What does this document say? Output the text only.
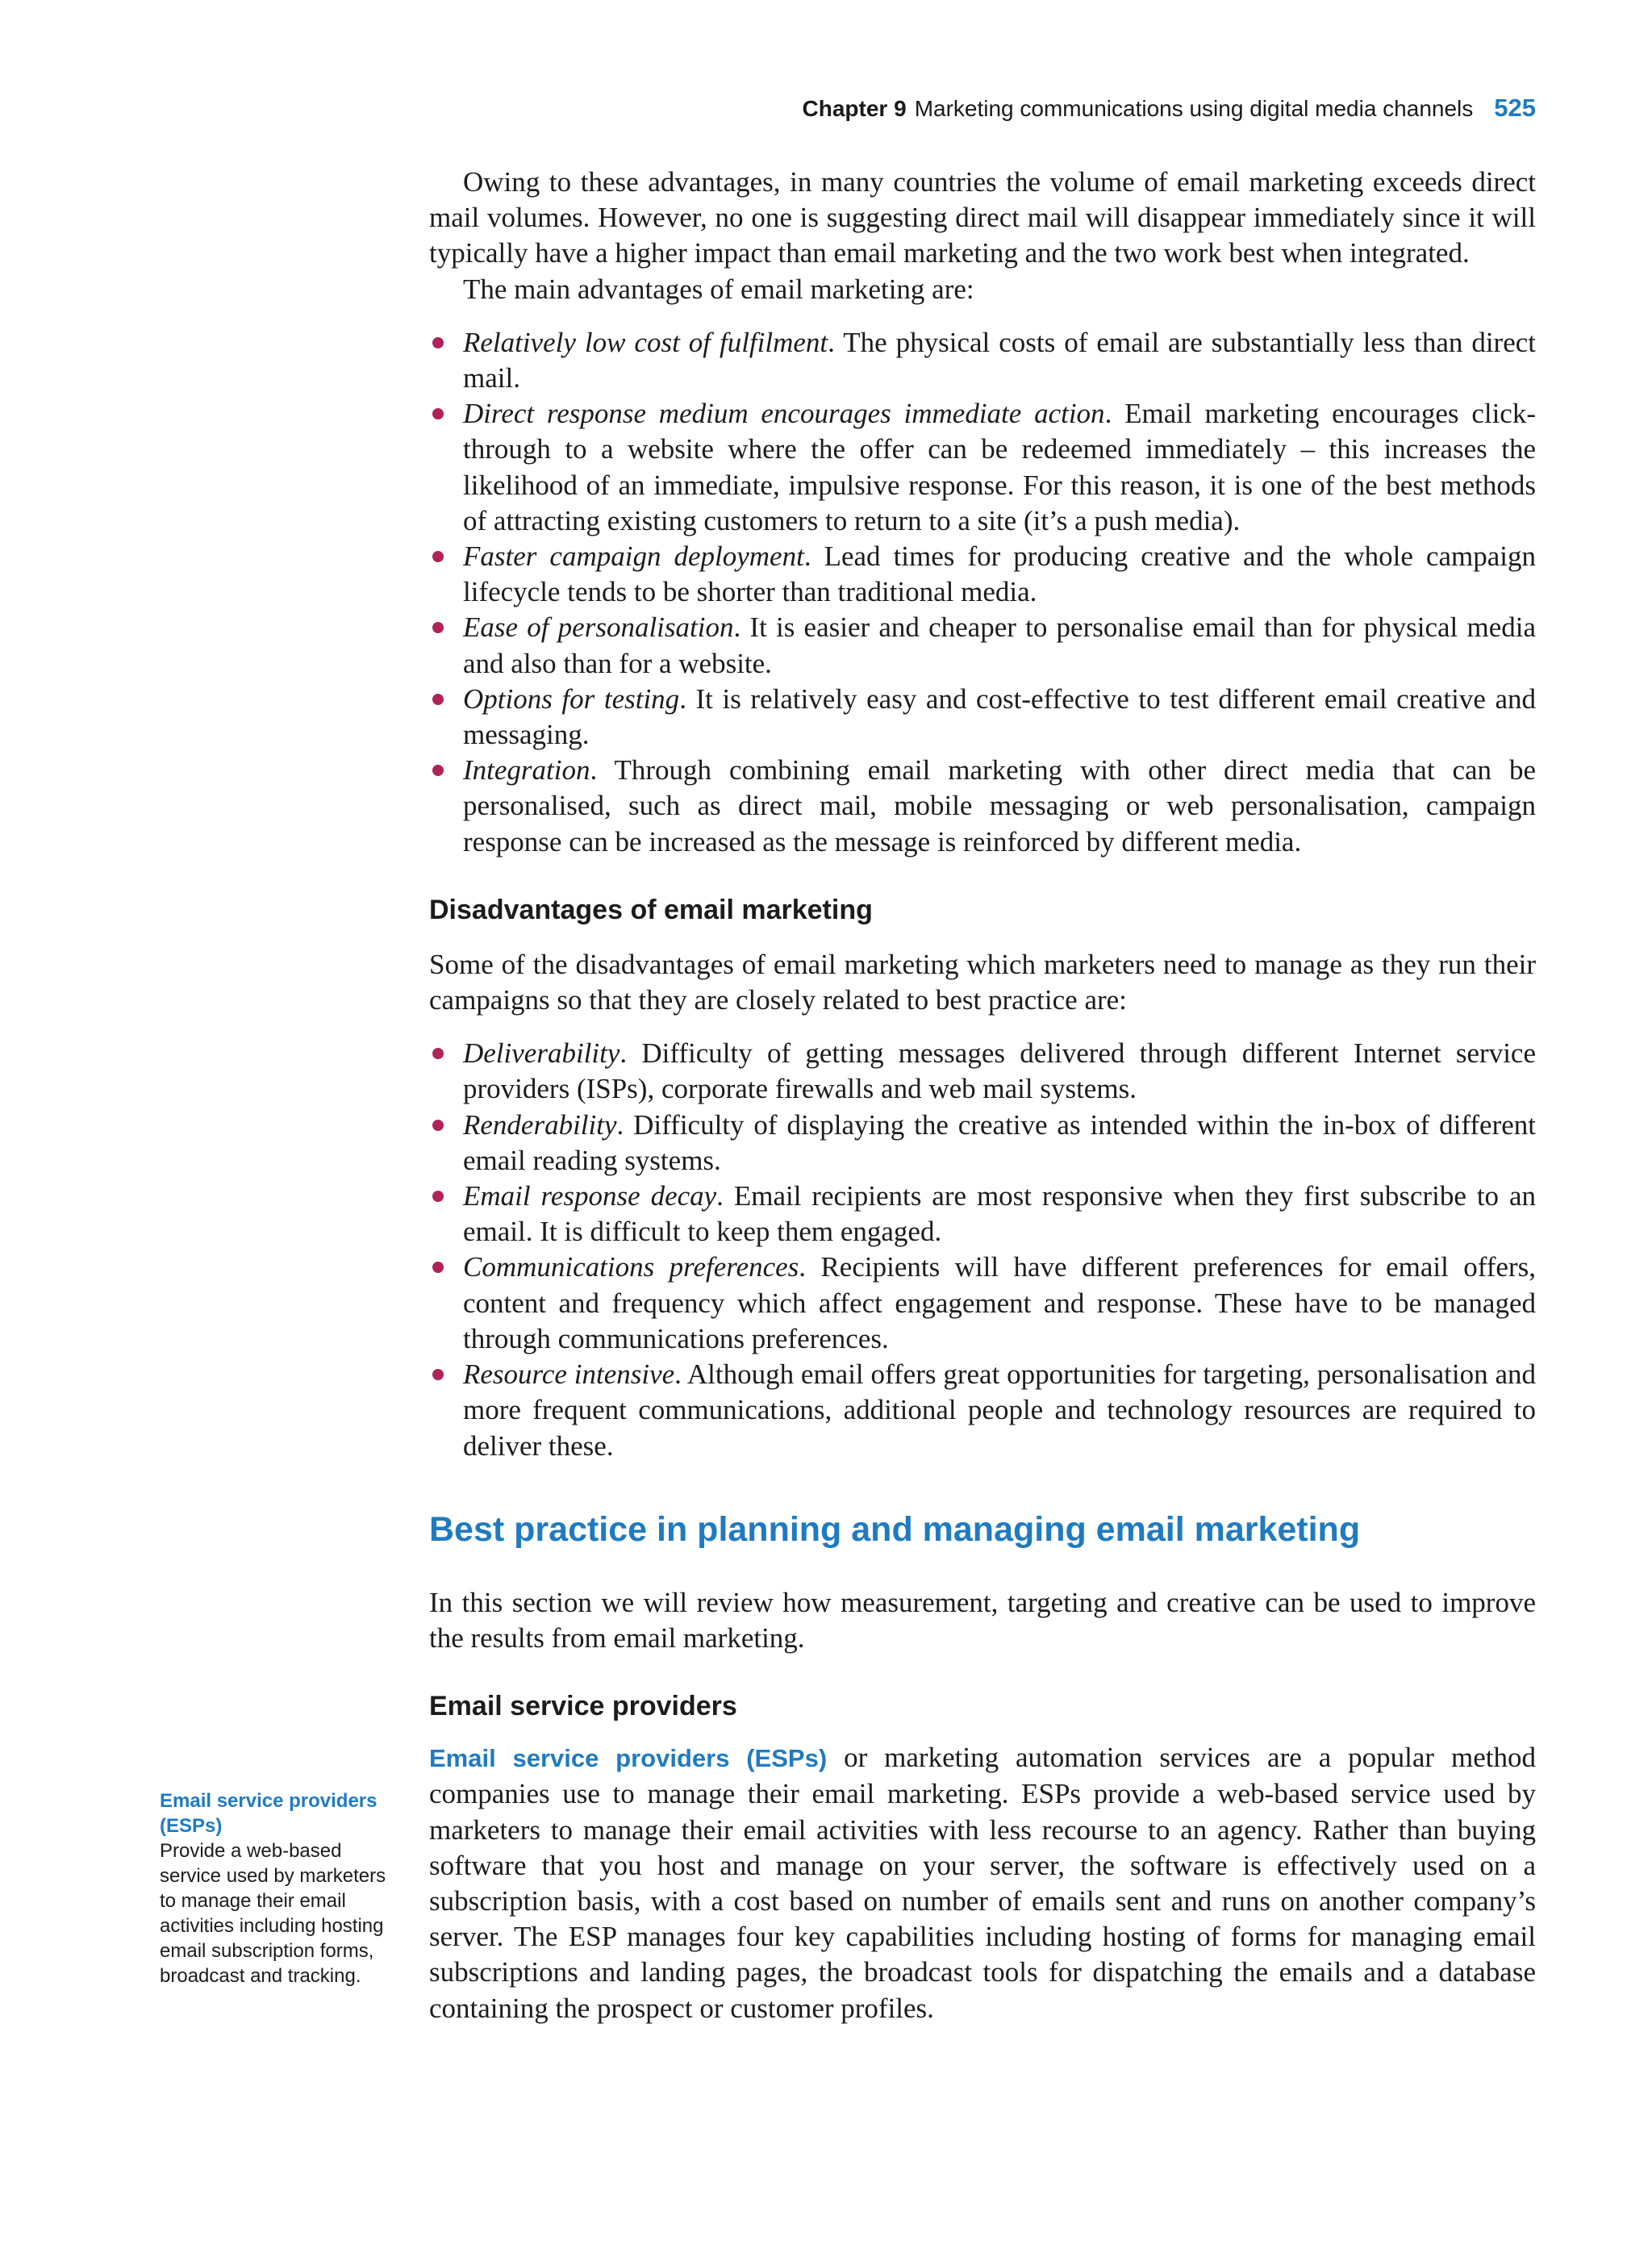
Chapter 9 Marketing communications using digital media channels 525

Owing to these advantages, in many countries the volume of email marketing exceeds direct mail volumes. However, no one is suggesting direct mail will disappear immediately since it will typically have a higher impact than email marketing and the two work best when integrated.

The main advantages of email marketing are:

Relatively low cost of fulfilment. The physical costs of email are substantially less than direct mail.
Direct response medium encourages immediate action. Email marketing encourages click-through to a website where the offer can be redeemed immediately – this increases the likelihood of an immediate, impulsive response. For this reason, it is one of the best methods of attracting existing customers to return to a site (it’s a push media).
Faster campaign deployment. Lead times for producing creative and the whole campaign lifecycle tends to be shorter than traditional media.
Ease of personalisation. It is easier and cheaper to personalise email than for physical media and also than for a website.
Options for testing. It is relatively easy and cost-effective to test different email creative and messaging.
Integration. Through combining email marketing with other direct media that can be personalised, such as direct mail, mobile messaging or web personalisation, campaign response can be increased as the message is reinforced by different media.
Disadvantages of email marketing

Some of the disadvantages of email marketing which marketers need to manage as they run their campaigns so that they are closely related to best practice are:

Deliverability. Difficulty of getting messages delivered through different Internet service providers (ISPs), corporate firewalls and web mail systems.
Renderability. Difficulty of displaying the creative as intended within the in-box of different email reading systems.
Email response decay. Email recipients are most responsive when they first subscribe to an email. It is difficult to keep them engaged.
Communications preferences. Recipients will have different preferences for email offers, content and frequency which affect engagement and response. These have to be managed through communications preferences.
Resource intensive. Although email offers great opportunities for targeting, personalisation and more frequent communications, additional people and technology resources are required to deliver these.
Best practice in planning and managing email marketing

In this section we will review how measurement, targeting and creative can be used to improve the results from email marketing.

Email service providers

Email service providers (ESPs) or marketing automation services are a popular method companies use to manage their email marketing. ESPs provide a web-based service used by marketers to manage their email activities with less recourse to an agency. Rather than buying software that you host and manage on your server, the software is effectively used on a subscription basis, with a cost based on number of emails sent and runs on another company’s server. The ESP manages four key capabilities including hosting of forms for managing email subscriptions and landing pages, the broadcast tools for dispatching the emails and a database containing the prospect or customer profiles.

Email service providers (ESPs)
Provide a web-based service used by marketers to manage their email activities including hosting email subscription forms, broadcast and tracking.
